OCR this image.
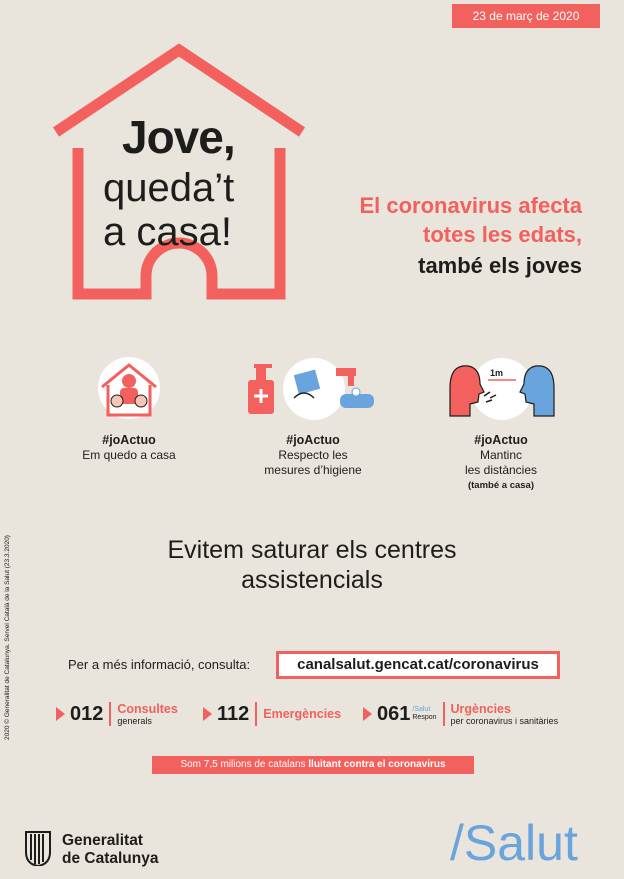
23 de març de 2020
Jove,
queda’t
a casa!
El coronavirus afecta
totes les edats,
també els joves
#joActuo
Em quedo a casa
#joActuo
Respecto les
mesures d’higiene
1m
#joActuo
Mantinc
les distàncies
(també a casa)
Evitem saturar els centres
assistencials
Per a més informació, consulta:	canalsalut.gencat.cat/coronavirus
012 Consultes
generals	112 Emergències 061 /Salut
Respon
Urgències
per coronavirus i sanitàries
Som 7,5 milions de catalans lluitant contra el coronavirus
2020 © Generalitat de Catalunya. Servei Català de la Salut (23.3.2020)
Generalitat
de Catalunya	/Salut
